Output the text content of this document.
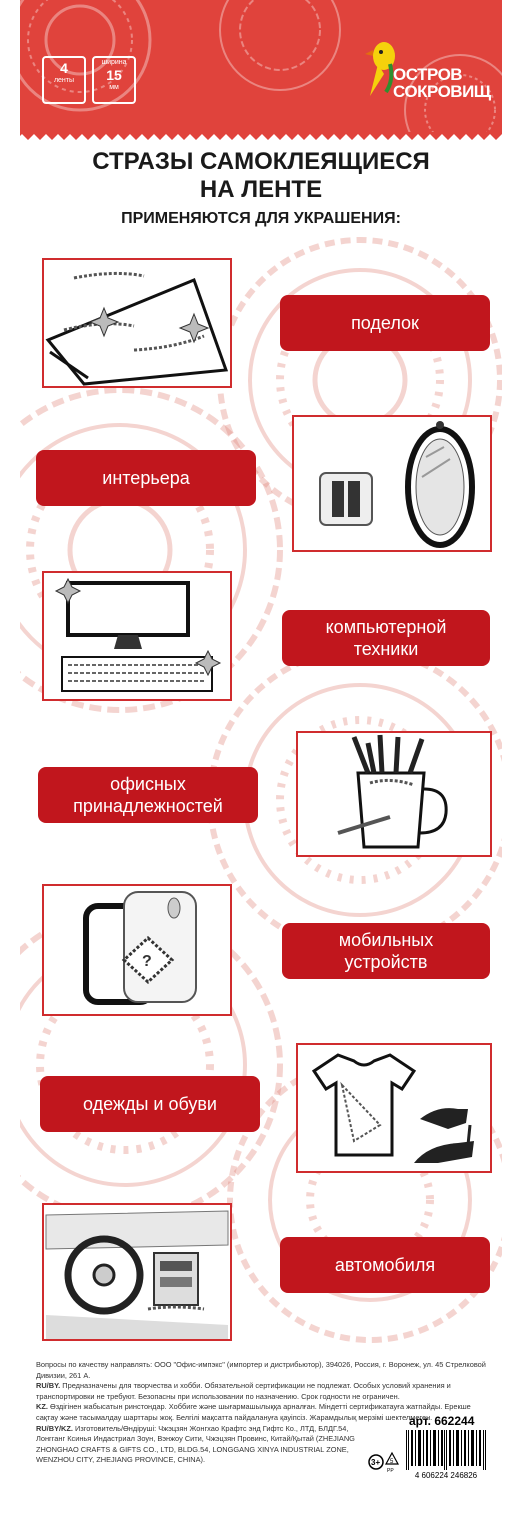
4
ленты
ширина
15
мм
ОСТРОВ
СОКРОВИЩ
СТРАЗЫ САМОКЛЕЯЩИЕСЯ
НА ЛЕНТЕ
ПРИМЕНЯЮТСЯ ДЛЯ УКРАШЕНИЯ:
поделок
интерьера
компьютерной
техники
офисных
принадлежностей
?
мобильных
устройств
одежды и обуви
автомобиля
Вопросы по качеству направлять: ООО "Офис-импэкс" (импортер и дистрибьютор), 394026, Россия, г. Воронеж, ул. 45 Стрелковой Дивизии, 261 А.
RU/BY. Предназначены для творчества и хобби. Обязательной сертификации не подлежат. Особых условий хранения и транспортировки не требуют. Безопасны при использовании по назначению. Срок годности не ограничен.
KZ. Өздігінен жабысатын ринстондар. Хоббиге және шығармашылыққа арналған. Міндетті сертификатауға жатпайды. Ерекше сақтау және тасымалдау шарттары жоқ. Белгілі мақсатта пайдалануға қауіпсіз. Жарамдылық мерзімі шектелмеген.
RU/BY/KZ. Изготовитель/Өндіруші: Чжэцзян Жонгхао Крафтс энд Гифтс Ко., ЛТД, БЛДГ.54, Лонгганг Ксинья Индастриал Зоун, Вэнжоу Сити, Чжэцзян Провинс, Китай/Қытай (ZHEJIANG ZHONGHAO CRAFTS & GIFTS CO., LTD, BLDG.54, LONGGANG XINYA INDUSTRIAL ZONE, WENZHOU CITY, ZHEJIANG PROVINCE, CHINA).
арт. 662244
3+ 5
PP	4 606224 246826
